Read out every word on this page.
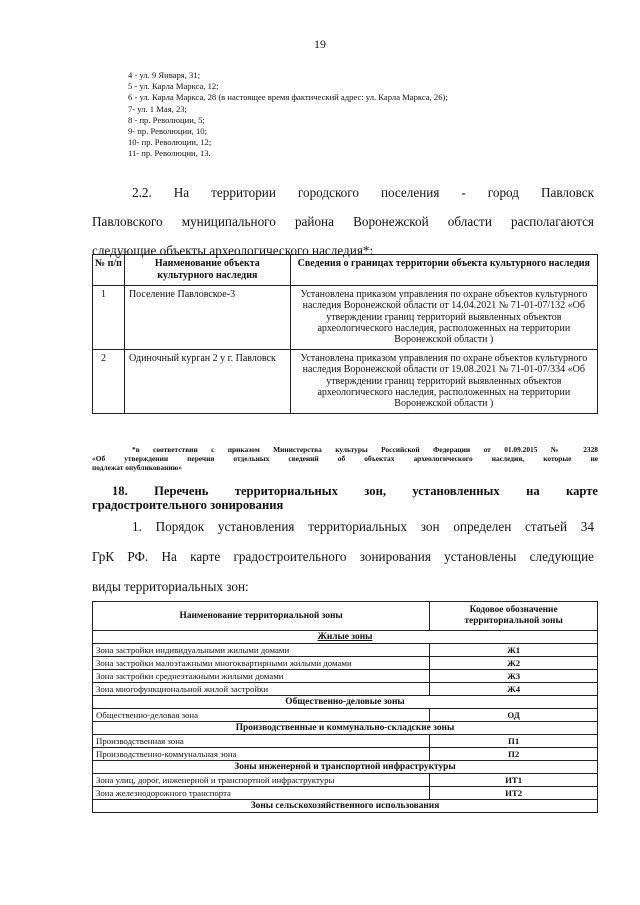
19
4 - ул. 9 Января, 31;
5 - ул. Карла Маркса, 12;
6 - ул. Карла Маркса, 28 (в настоящее время фактический адрес: ул. Карла Маркса, 26);
7- ул. 1 Мая, 23;
8 - пр. Революции, 5;
9- пр. Революции, 10;
10- пр. Революции, 12;
11- пр. Революции, 13.
2.2. На территории городского поселения - город Павловск
Павловского муниципального района Воронежской области располагаются
следующие объекты археологического наследия*:
№ п/п	Наименование объекта культурного наследия	Сведения о границах территории объекта культурного наследия
1	Поселение Павловское-3	Установлена приказом управления по охране объектов культурного наследия Воронежской области от 14.04.2021 № 71-01-07/132 «Об утверждении границ территорий выявленных объектов археологического наследия, расположенных на территории Воронежской области )
2	Одиночный курган 2 у г. Павловск	Установлена приказом управления по охране объектов культурного наследия Воронежской области от 19.08.2021 № 71-01-07/334 «Об утверждении границ территорий выявленных объектов археологического наследия, расположенных на территории Воронежской области )
*в соответствии с приказом Министерства культуры Российской Федерации от 01.09.2015 № 2328
«Об утверждении перечня отдельных сведений об объектах археологического наследия, которые не
подлежат опубликованию»
18. Перечень территориальных зон, установленных на карте
градостроительного зонирования
1. Порядок установления территориальных зон определен статьей 34
ГрК РФ. На карте градостроительного зонирования установлены следующие
виды территориальных зон:
Наименование территориальной зоны	Кодовое обозначение территориальной зоны
Жилые зоны	
Зона застройки индивидуальными жилыми домами	Ж1
Зона застройки малоэтажными многоквартирными жилыми домами	Ж2
Зона застройки среднеэтажными жилыми домами	Ж3
Зона многофункциональной жилой застройки	Ж4
Общественно-деловые зоны	
Общественно-деловая зона	ОД
Производственные и коммунально-складские зоны	
Производственная зона	П1
Производственно-коммунальная зона	П2
Зоны инженерной и транспортной инфраструктуры	
Зона улиц, дорог, инженерной и транспортной инфраструктуры	ИТ1
Зона железнодорожного транспорта	ИТ2
Зоны сельскохозяйственного использования	
